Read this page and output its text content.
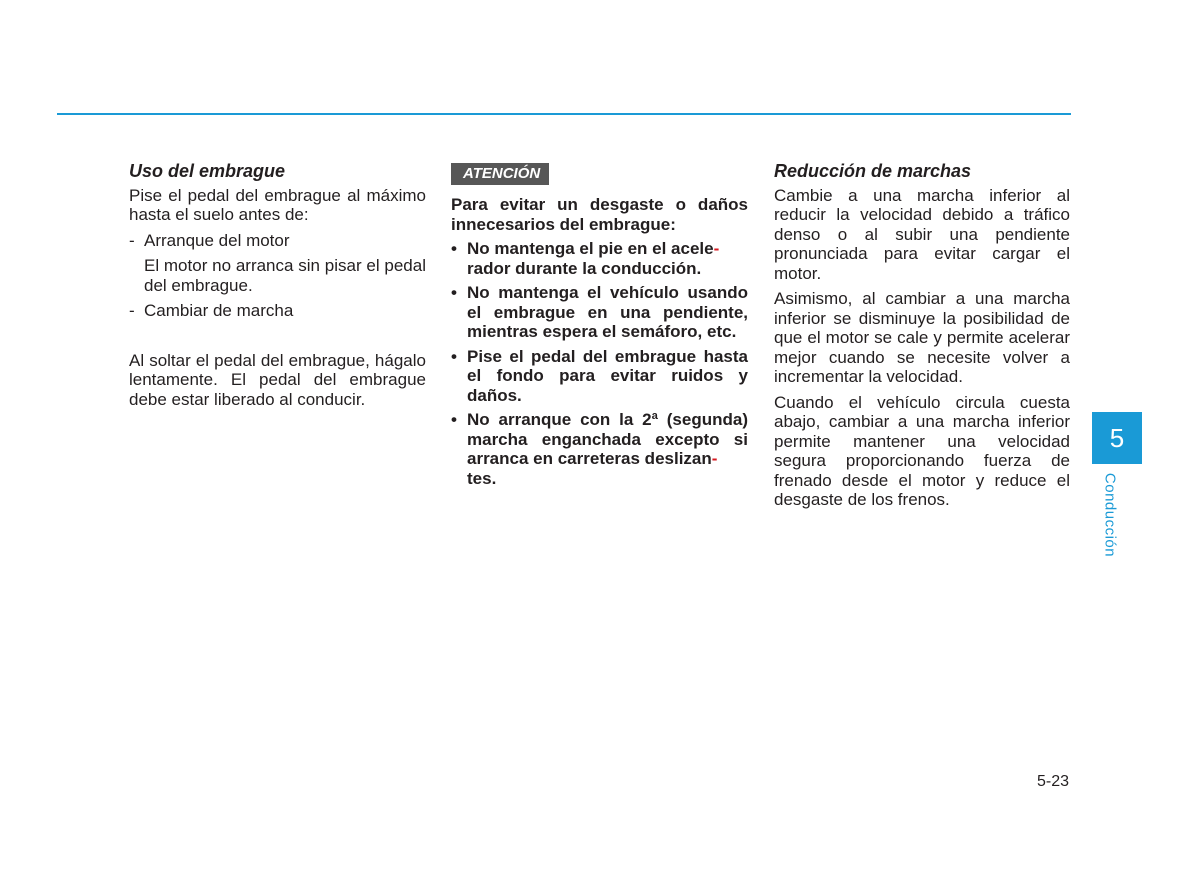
Uso del embrague

Pise el pedal del embrague al máximo hasta el suelo antes de:

- Arranque del motor
El motor no arranca sin pisar el pedal del embrague.
- Cambiar de marcha

Al soltar el pedal del embrague, hágalo lentamente. El pedal del embrague debe estar liberado al conducir.

ATENCIÓN

Para evitar un desgaste o daños innecesarios del embrague:

• No mantenga el pie en el acele-
rador durante la conducción.
• No mantenga el vehículo usando el embrague en una pendiente, mientras espera el semáforo, etc.
• Pise el pedal del embrague hasta el fondo para evitar ruidos y daños.
• No arranque con la 2ª (segunda) marcha enganchada excepto si arranca en carreteras deslizan-
tes.
Reducción de marchas

Cambie a una marcha inferior al reducir la velocidad debido a tráfico denso o al subir una pendiente pronunciada para evitar cargar el motor.

Asimismo, al cambiar a una marcha inferior se disminuye la posibilidad de que el motor se cale y permite acelerar mejor cuando se necesite volver a incrementar la velocidad.

Cuando el vehículo circula cuesta abajo, cambiar a una marcha inferior permite mantener una velocidad segura proporcionando fuerza de frenado desde el motor y reduce el desgaste de los frenos.

5
Conducción
5-23
